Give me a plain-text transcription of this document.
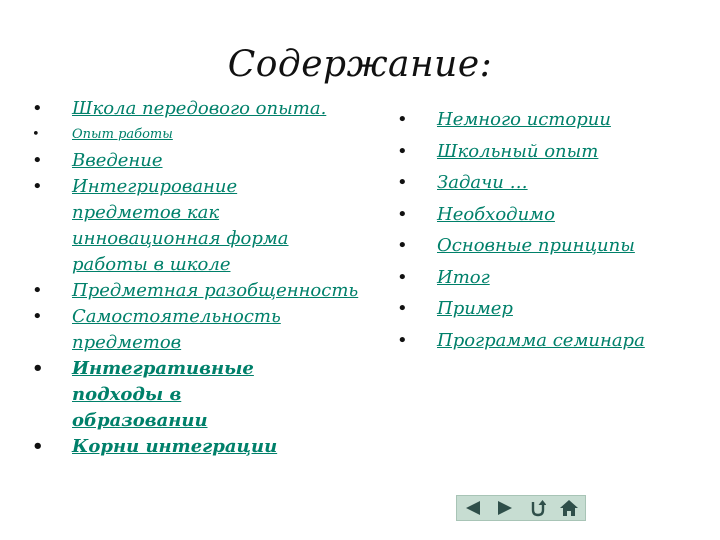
Содержание:
• Школа передового опыта.
• Опыт работы
• Введение
• Интегрирование предметов как инновационная форма работы в школе
• Предметная разобщенность
• Самостоятельность предметов
• Интегративные подходы в образовании
• Корни интеграции
• Немного истории
• Школьный опыт
• Задачи …
• Необходимо
• Основные принципы
• Итог
• Пример
• Программа семинара
